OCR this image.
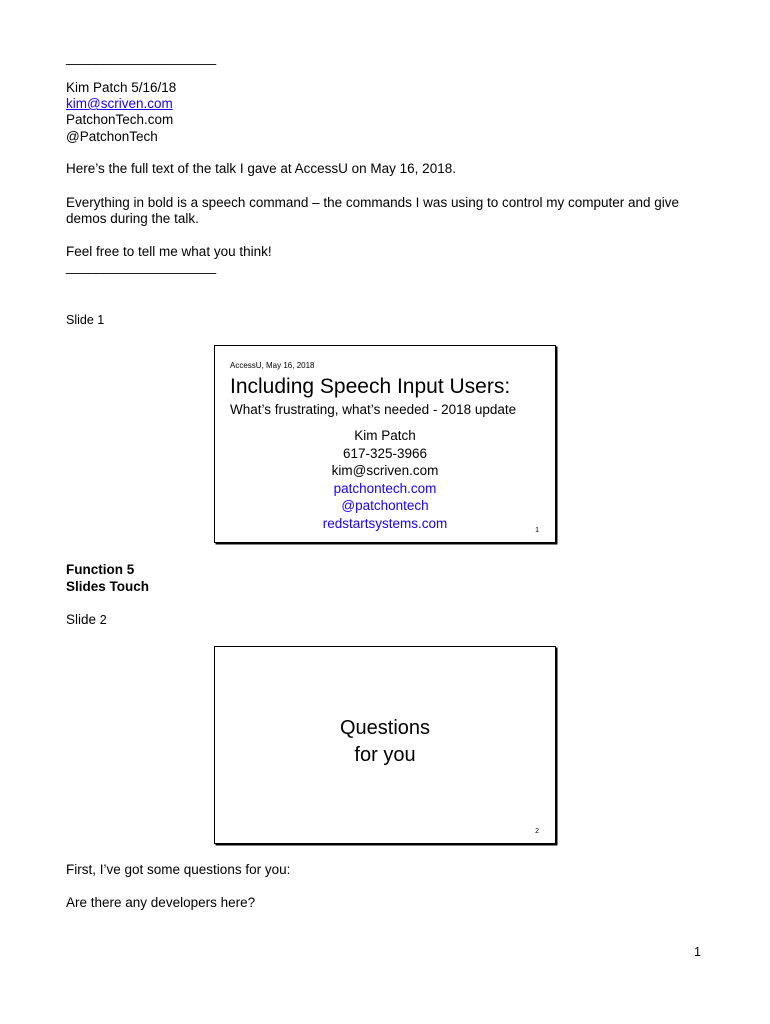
____________________
Kim Patch 5/16/18
kim@scriven.com
PatchonTech.com
@PatchonTech
Here’s the full text of the talk I gave at AccessU on May 16, 2018.
Everything in bold is a speech command – the commands I was using to control my computer and give
demos during the talk.
Feel free to tell me what you think!
____________________
Slide 1
AccessU, May 16, 2018
Including Speech Input Users:
What’s frustrating, what’s needed - 2018 update
Kim Patch
617-325-3966
kim@scriven.com
patchontech.com
@patchontech
redstartsystems.com	1
Function 5
Slides Touch
Slide 2
Questions
for you
2
First, I’ve got some questions for you:
Are there any developers here?
1
